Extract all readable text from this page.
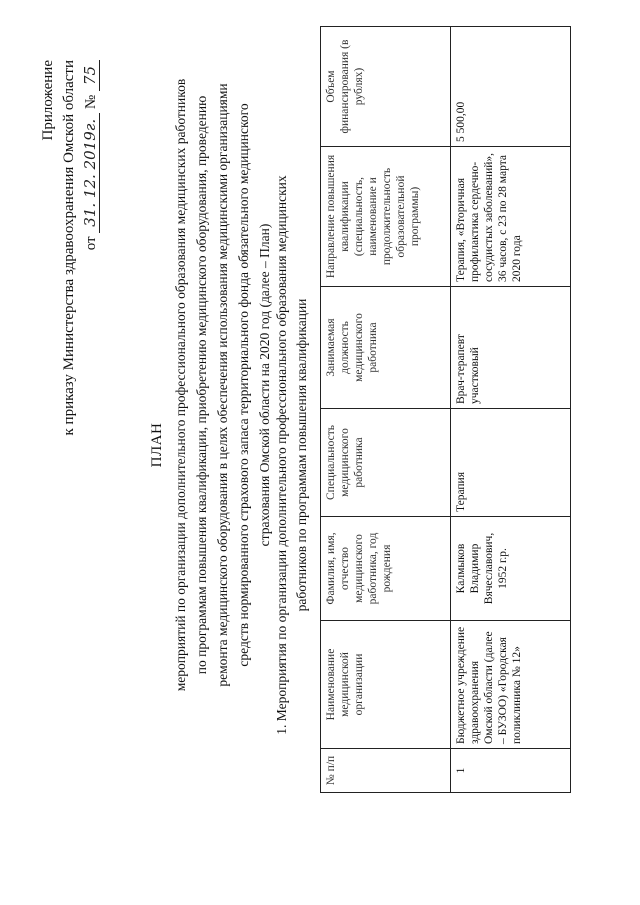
Приложение к приказу Министерства здравоохранения Омской области от 31. 12. 2019г. № 75
ПЛАН мероприятий по организации дополнительного профессионального образования медицинских работников по программам повышения квалификации, приобретению медицинского оборудования, проведению ремонта медицинского оборудования в целях обеспечения использования медицинскими организациями средств нормированного страхового запаса территориального фонда обязательного медицинского страхования Омской области на 2020 год (далее – План) 1. Мероприятия по организации дополнительного профессионального образования медицинских работников по программам повышения квалификации
№ п/п	Наименование медицинской организации	Фамилия, имя, отчество медицинского работника, год рождения	Специальность медицинского работника	Занимаемая должность медицинского работника	Направление повышения квалификации (специальность, наименование и продолжительность образовательной программы)	Объем финансирования (в рублях)
1	Бюджетное учреждение здравоохранения Омской области (далее – БУЗОО) «Городская поликлиника № 12»	Калмыков Владимир Вячеславович, 1952 г.р.	Терапия	Врач-терапевт участковый	Терапия, «Вторичная профилактика сердечно-сосудистых заболеваний», 36 часов, с 23 по 28 марта 2020 года	5 500,00
